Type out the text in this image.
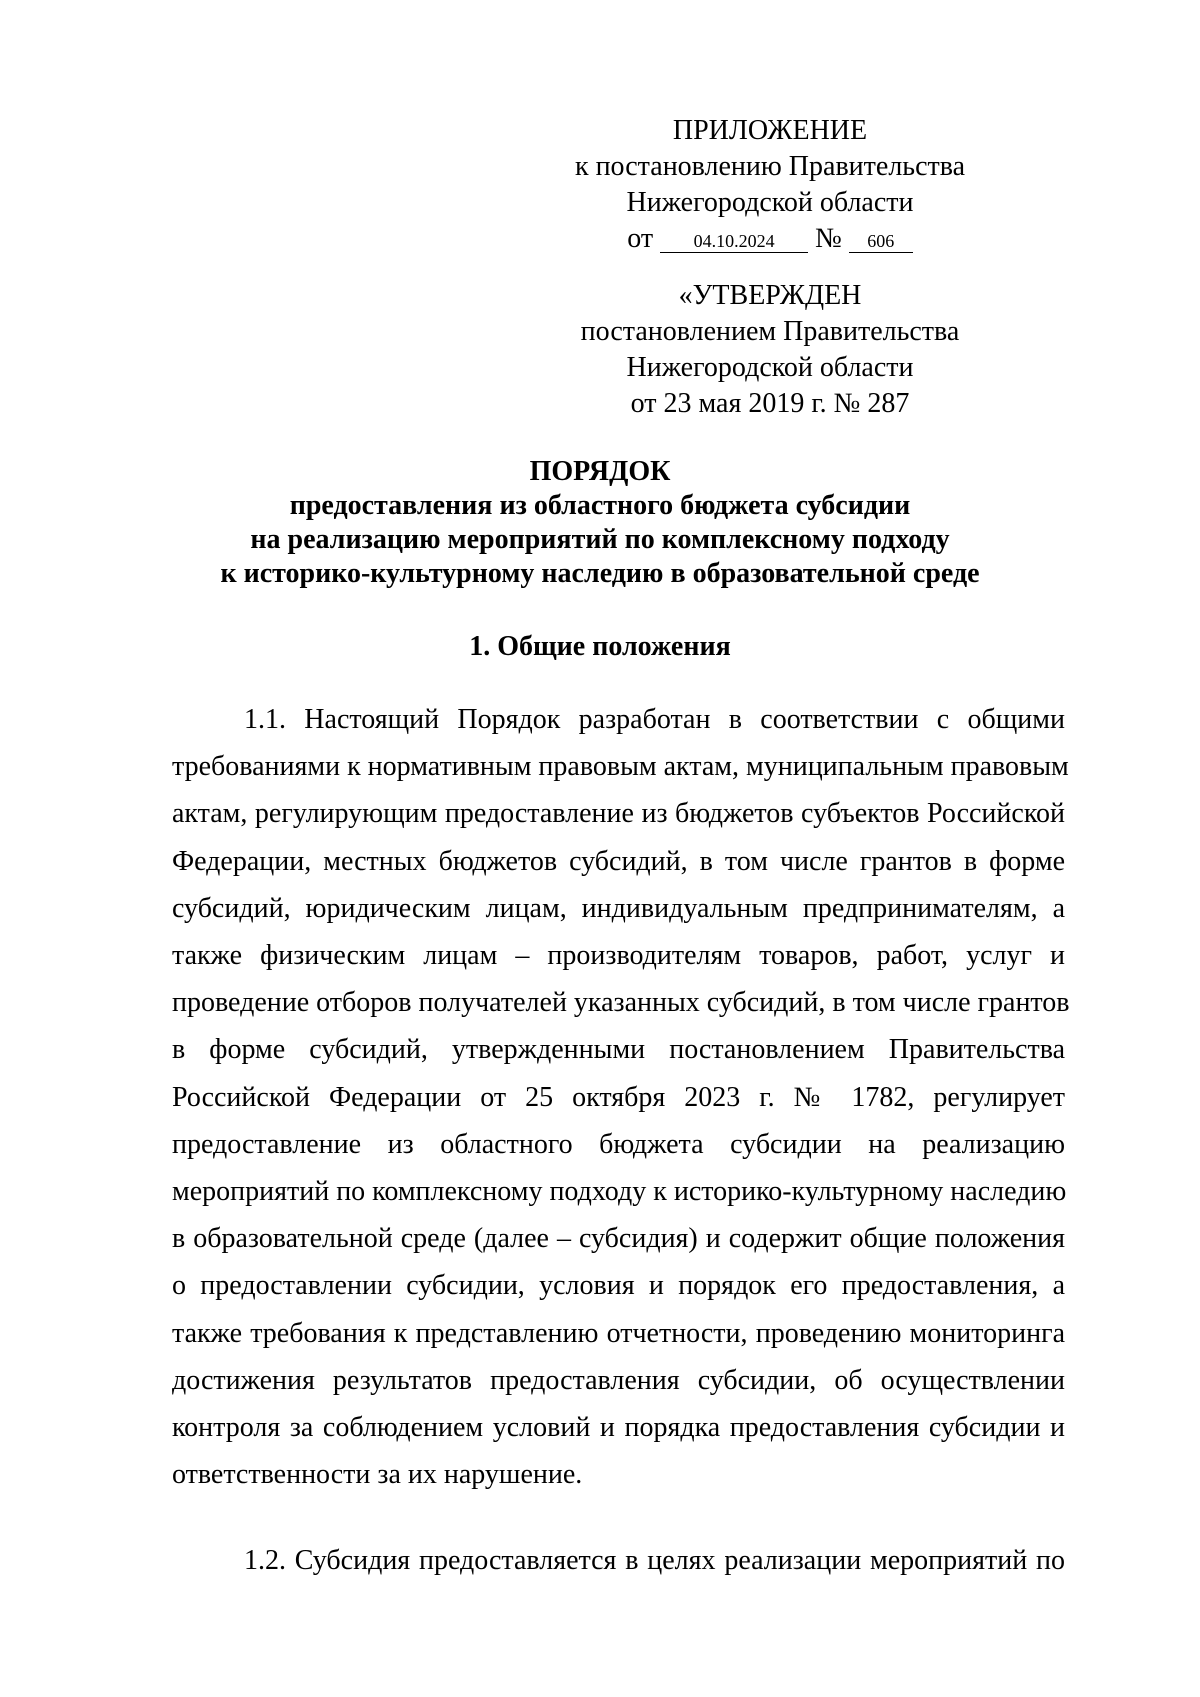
ПРИЛОЖЕНИЕ
к постановлению Правительства
Нижегородской области
от 04.10.2024 № 606
«УТВЕРЖДЕН
постановлением Правительства
Нижегородской области
от 23 мая 2019 г. № 287
ПОРЯДОК
предоставления из областного бюджета субсидии
на реализацию мероприятий по комплексному подходу
к историко-культурному наследию в образовательной среде
1. Общие положения
1.1. Настоящий Порядок разработан в соответствии с общими
требованиями к нормативным правовым актам, муниципальным правовым
актам, регулирующим предоставление из бюджетов субъектов Российской
Федерации, местных бюджетов субсидий, в том числе грантов в форме
субсидий, юридическим лицам, индивидуальным предпринимателям, а
также физическим лицам – производителям товаров, работ, услуг и
проведение отборов получателей указанных субсидий, в том числе грантов
в форме субсидий, утвержденными постановлением Правительства
Российской Федерации от 25 октября 2023 г. № 1782, регулирует
предоставление из областного бюджета субсидии на реализацию
мероприятий по комплексному подходу к историко-культурному наследию
в образовательной среде (далее – субсидия) и содержит общие положения
о предоставлении субсидии, условия и порядок его предоставления, а
также требования к представлению отчетности, проведению мониторинга
достижения результатов предоставления субсидии, об осуществлении
контроля за соблюдением условий и порядка предоставления субсидии и
ответственности за их нарушение.
1.2. Субсидия предоставляется в целях реализации мероприятий по
